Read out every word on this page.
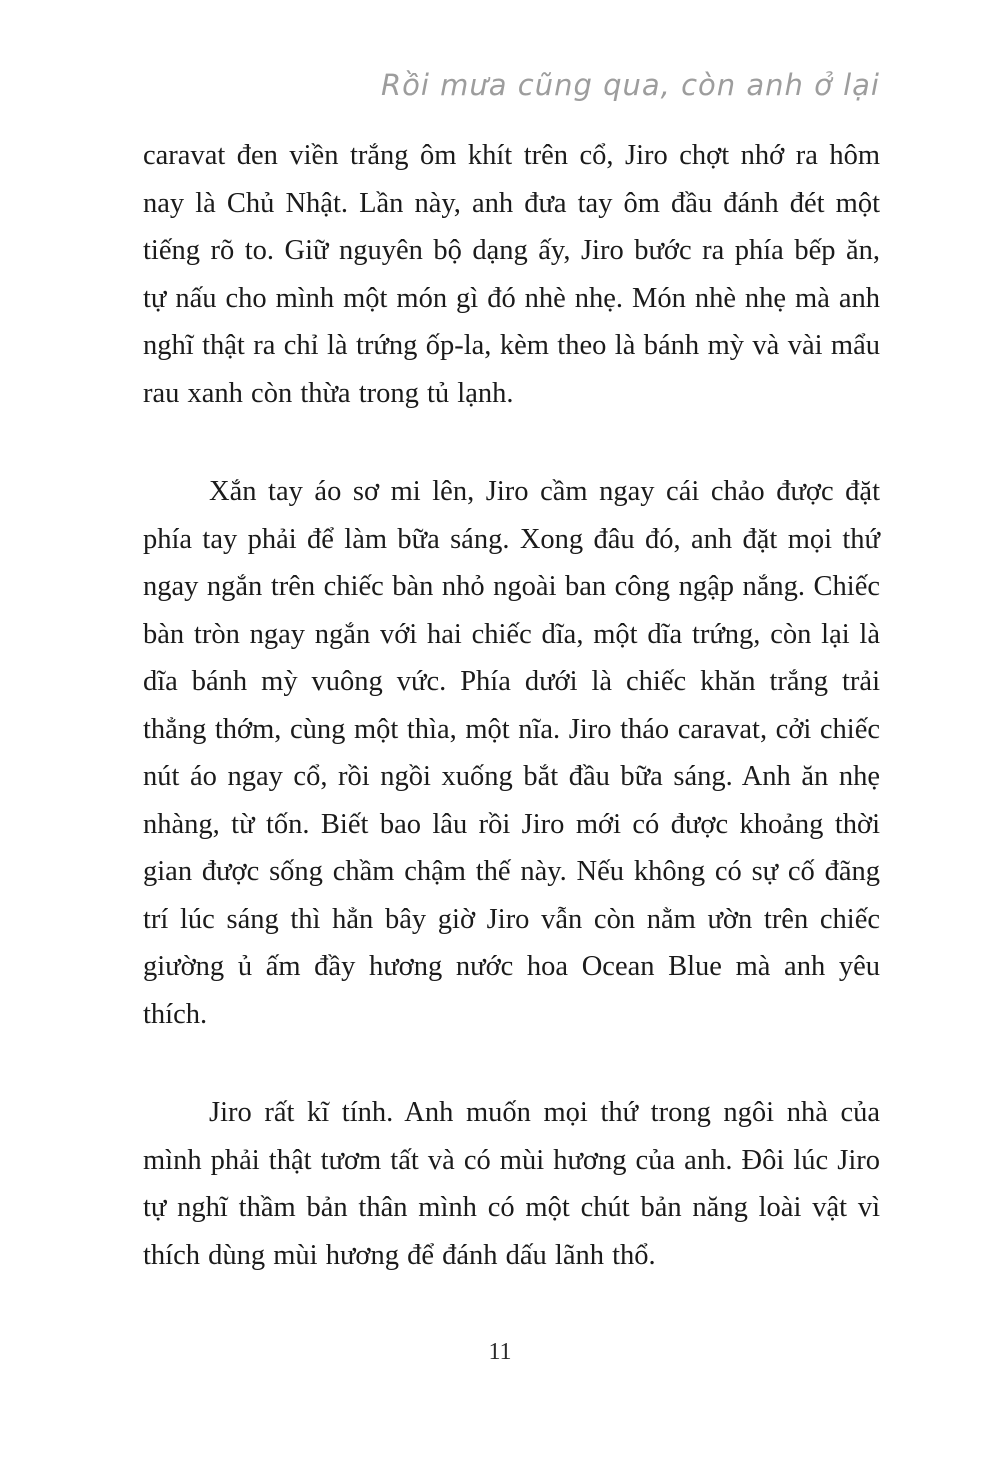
Rồi mưa cũng qua, còn anh ở lại

caravat đen viền trắng ôm khít trên cổ, Jiro chợt nhớ ra hôm nay là Chủ Nhật. Lần này, anh đưa tay ôm đầu đánh đét một tiếng rõ to. Giữ nguyên bộ dạng ấy, Jiro bước ra phía bếp ăn, tự nấu cho mình một món gì đó nhè nhẹ. Món nhè nhẹ mà anh nghĩ thật ra chỉ là trứng ốp-la, kèm theo là bánh mỳ và vài mẩu rau xanh còn thừa trong tủ lạnh.

Xắn tay áo sơ mi lên, Jiro cầm ngay cái chảo được đặt phía tay phải để làm bữa sáng. Xong đâu đó, anh đặt mọi thứ ngay ngắn trên chiếc bàn nhỏ ngoài ban công ngập nắng. Chiếc bàn tròn ngay ngắn với hai chiếc dĩa, một dĩa trứng, còn lại là dĩa bánh mỳ vuông vức. Phía dưới là chiếc khăn trắng trải thẳng thớm, cùng một thìa, một nĩa. Jiro tháo caravat, cởi chiếc nút áo ngay cổ, rồi ngồi xuống bắt đầu bữa sáng. Anh ăn nhẹ nhàng, từ tốn. Biết bao lâu rồi Jiro mới có được khoảng thời gian được sống chầm chậm thế này. Nếu không có sự cố đãng trí lúc sáng thì hẳn bây giờ Jiro vẫn còn nằm ườn trên chiếc giường ủ ấm đầy hương nước hoa Ocean Blue mà anh yêu thích.

Jiro rất kĩ tính. Anh muốn mọi thứ trong ngôi nhà của mình phải thật tươm tất và có mùi hương của anh. Đôi lúc Jiro tự nghĩ thầm bản thân mình có một chút bản năng loài vật vì thích dùng mùi hương để đánh dấu lãnh thổ.

11
